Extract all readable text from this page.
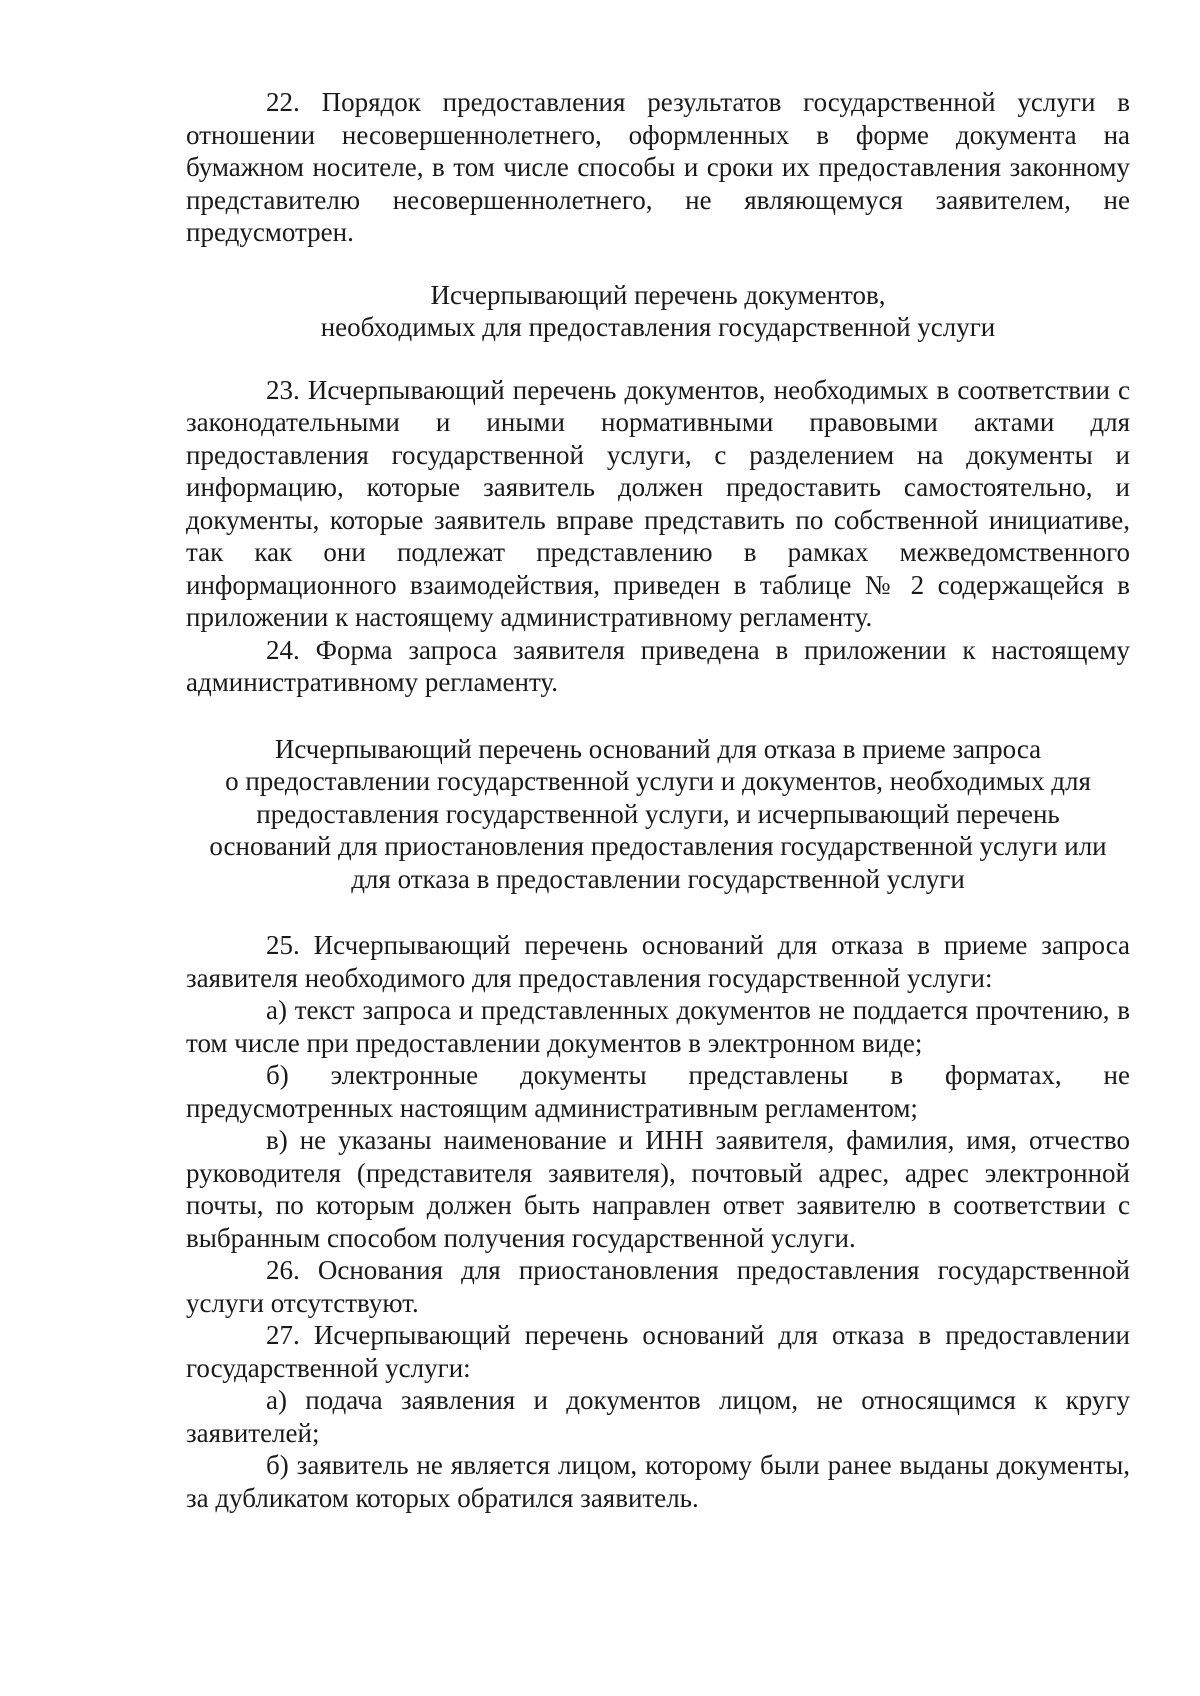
22. Порядок предоставления результатов государственной услуги в отношении несовершеннолетнего, оформленных в форме документа на бумажном носителе, в том числе способы и сроки их предоставления законному представителю несовершеннолетнего, не являющемуся заявителем, не предусмотрен.

Исчерпывающий перечень документов,
необходимых для предоставления государственной услуги

23. Исчерпывающий перечень документов, необходимых в соответствии с законодательными и иными нормативными правовыми актами для предоставления государственной услуги, с разделением на документы и информацию, которые заявитель должен предоставить самостоятельно, и документы, которые заявитель вправе представить по собственной инициативе, так как они подлежат представлению в рамках межведомственного информационного взаимодействия, приведен в таблице № 2 содержащейся в приложении к настоящему административному регламенту.

24. Форма запроса заявителя приведена в приложении к настоящему административному регламенту.

Исчерпывающий перечень оснований для отказа в приеме запроса
о предоставлении государственной услуги и документов, необходимых для
предоставления государственной услуги, и исчерпывающий перечень
оснований для приостановления предоставления государственной услуги или
для отказа в предоставлении государственной услуги

25. Исчерпывающий перечень оснований для отказа в приеме запроса заявителя необходимого для предоставления государственной услуги:

а) текст запроса и представленных документов не поддается прочтению, в том числе при предоставлении документов в электронном виде;

б) электронные документы представлены в форматах, не предусмотренных настоящим административным регламентом;

в) не указаны наименование и ИНН заявителя, фамилия, имя, отчество руководителя (представителя заявителя), почтовый адрес, адрес электронной почты, по которым должен быть направлен ответ заявителю в соответствии с выбранным способом получения государственной услуги.

26. Основания для приостановления предоставления государственной услуги отсутствуют.

27. Исчерпывающий перечень оснований для отказа в предоставлении государственной услуги:

а) подача заявления и документов лицом, не относящимся к кругу заявителей;

б) заявитель не является лицом, которому были ранее выданы документы, за дубликатом которых обратился заявитель.
